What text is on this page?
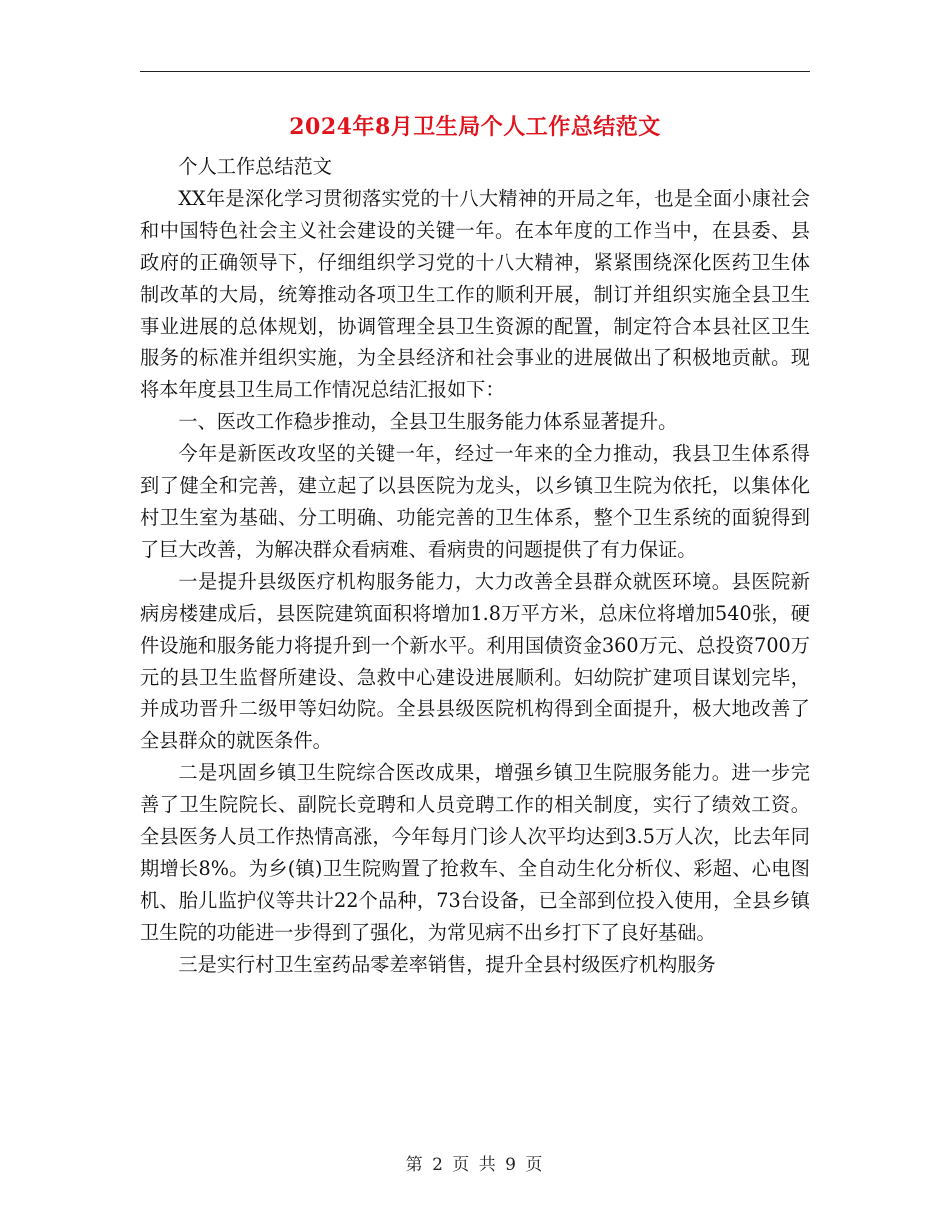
2024年8月卫生局个人工作总结范文

个人工作总结范文

XX年是深化学习贯彻落实党的十八大精神的开局之年，也是全面小康社会和中国特色社会主义社会建设的关键一年。在本年度的工作当中，在县委、县政府的正确领导下，仔细组织学习党的十八大精神，紧紧围绕深化医药卫生体制改革的大局，统筹推动各项卫生工作的顺利开展，制订并组织实施全县卫生事业进展的总体规划，协调管理全县卫生资源的配置，制定符合本县社区卫生服务的标准并组织实施，为全县经济和社会事业的进展做出了积极地贡献。现将本年度县卫生局工作情况总结汇报如下：

一、医改工作稳步推动，全县卫生服务能力体系显著提升。

今年是新医改攻坚的关键一年，经过一年来的全力推动，我县卫生体系得到了健全和完善，建立起了以县医院为龙头，以乡镇卫生院为依托，以集体化村卫生室为基础、分工明确、功能完善的卫生体系，整个卫生系统的面貌得到了巨大改善，为解决群众看病难、看病贵的问题提供了有力保证。

一是提升县级医疗机构服务能力，大力改善全县群众就医环境。县医院新病房楼建成后，县医院建筑面积将增加1.8万平方米，总床位将增加540张，硬件设施和服务能力将提升到一个新水平。利用国债资金360万元、总投资700万元的县卫生监督所建设、急救中心建设进展顺利。妇幼院扩建项目谋划完毕，并成功晋升二级甲等妇幼院。全县县级医院机构得到全面提升，极大地改善了全县群众的就医条件。

二是巩固乡镇卫生院综合医改成果，增强乡镇卫生院服务能力。进一步完善了卫生院院长、副院长竞聘和人员竞聘工作的相关制度，实行了绩效工资。全县医务人员工作热情高涨，今年每月门诊人次平均达到3.5万人次，比去年同期增长8%。为乡(镇)卫生院购置了抢救车、全自动生化分析仪、彩超、心电图机、胎儿监护仪等共计22个品种，73台设备，已全部到位投入使用，全县乡镇卫生院的功能进一步得到了强化，为常见病不出乡打下了良好基础。

三是实行村卫生室药品零差率销售，提升全县村级医疗机构服务

第 2 页 共 9 页
